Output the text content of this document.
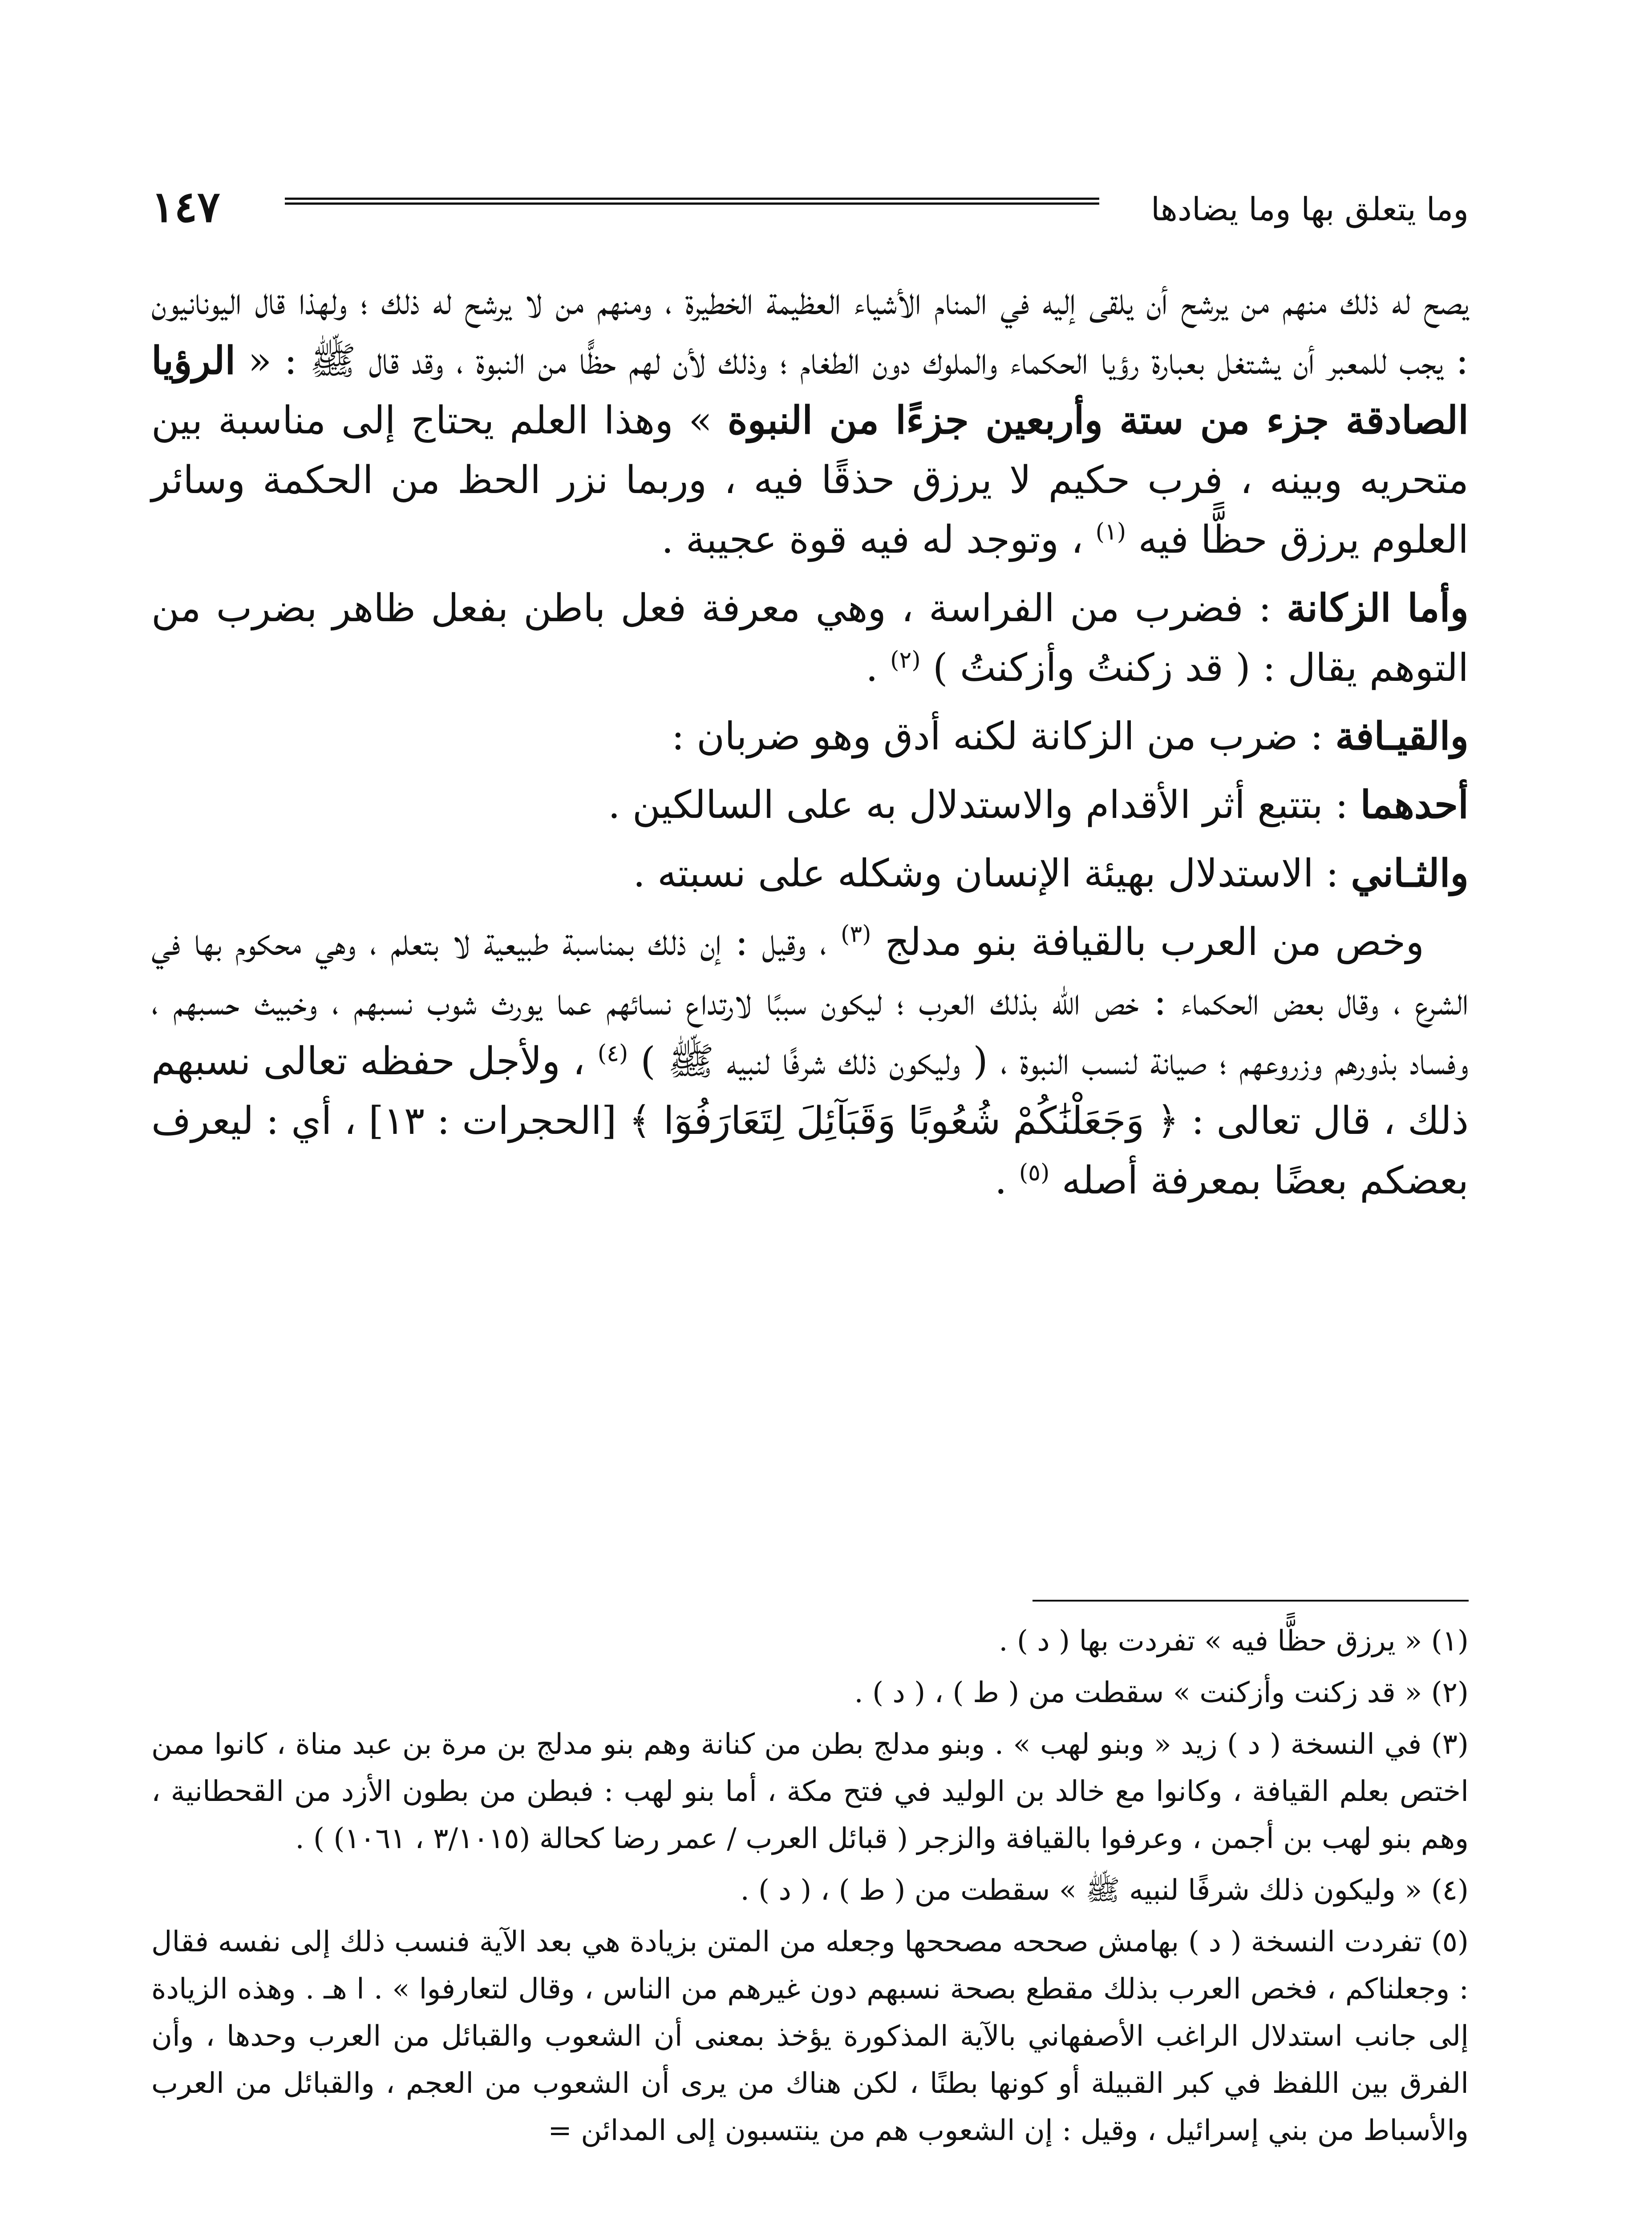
١٤٧	وما يتعلق بها وما يضادها

يصح له ذلك منهم من يرشح أن يلقى إليه في المنام الأشياء العظيمة الخطيرة ، ومنهم من لا يرشح له ذلك ؛ ولهذا قال اليونانيون : يجب للمعبر أن يشتغل بعبارة رؤيا الحكماء والملوك دون الطغام ؛ وذلك لأن لهم حظًّا من النبوة ، وقد قال ﷺ : « الرؤيا الصادقة جزء من ستة وأربعين جزءًا من النبوة » وهذا العلم يحتاج إلى مناسبة بين متحريه وبينه ، فرب حكيم لا يرزق حذقًا فيه ، وربما نزر الحظ من الحكمة وسائر العلوم يرزق حظًّا فيه $^{(١)}$ ، وتوجد له فيه قوة عجيبة .

وأما الزكانة : فضرب من الفراسة ، وهي معرفة فعل باطن بفعل ظاهر بضرب من التوهم يقال : ( قد زكنتُ وأزكنتُ ) $^{(٢)}$ .

والقيـافة : ضرب من الزكانة لكنه أدق وهو ضربان :

أحدهما : بتتبع أثر الأقدام والاستدلال به على السالكين .

والثـاني : الاستدلال بهيئة الإنسان وشكله على نسبته .

وخص من العرب بالقيافة بنو مدلج $^{(٣)}$ ، وقيل : إن ذلك بمناسبة طبيعية لا بتعلم ، وهي محكوم بها في الشرع ، وقال بعض الحكماء : خص الله بذلك العرب ؛ ليكون سببًا لارتداع نسائهم عما يورث شوب نسبهم ، وخبيث حسبهم ، وفساد بذورهم وزروعهم ؛ صيانة لنسب النبوة ، ( وليكون ذلك شرفًا لنبيه ﷺ ) $^{(٤)}$ ، ولأجل حفظه تعالى نسبهم ذلك ، قال تعالى : ﴿ وَجَعَلْنَٰكُمْ شُعُوبًا وَقَبَآئِلَ لِتَعَارَفُوٓا ﴾ [الحجرات : ١٣] ، أي : ليعرف بعضكم بعضًا بمعرفة أصله $^{(٥)}$ .

(١) « يرزق حظًّا فيه » تفردت بها ( د ) .

(٢) « قد زكنت وأزكنت » سقطت من ( ط ) ، ( د ) .

(٣) في النسخة ( د ) زيد « وبنو لهب » . وبنو مدلج بطن من كنانة وهم بنو مدلج بن مرة بن عبد مناة ، كانوا ممن اختص بعلم القيافة ، وكانوا مع خالد بن الوليد في فتح مكة ، أما بنو لهب : فبطن من بطون الأزد من القحطانية ، وهم بنو لهب بن أجمن ، وعرفوا بالقيافة والزجر ( قبائل العرب / عمر رضا كحالة (٣/١٠١٥ ، ١٠٦١) ) .

(٤) « وليكون ذلك شرفًا لنبيه ﷺ » سقطت من ( ط ) ، ( د ) .

(٥) تفردت النسخة ( د ) بهامش صححه مصححها وجعله من المتن بزيادة هي بعد الآية فنسب ذلك إلى نفسه فقال : وجعلناكم ، فخص العرب بذلك مقطع بصحة نسبهم دون غيرهم من الناس ، وقال لتعارفوا » . ا هـ . وهذه الزيادة إلى جانب استدلال الراغب الأصفهاني بالآية المذكورة يؤخذ بمعنى أن الشعوب والقبائل من العرب وحدها ، وأن الفرق بين اللفظ في كبر القبيلة أو كونها بطنًا ، لكن هناك من يرى أن الشعوب من العجم ، والقبائل من العرب والأسباط من بني إسرائيل ، وقيل : إن الشعوب هم من ينتسبون إلى المدائن =
